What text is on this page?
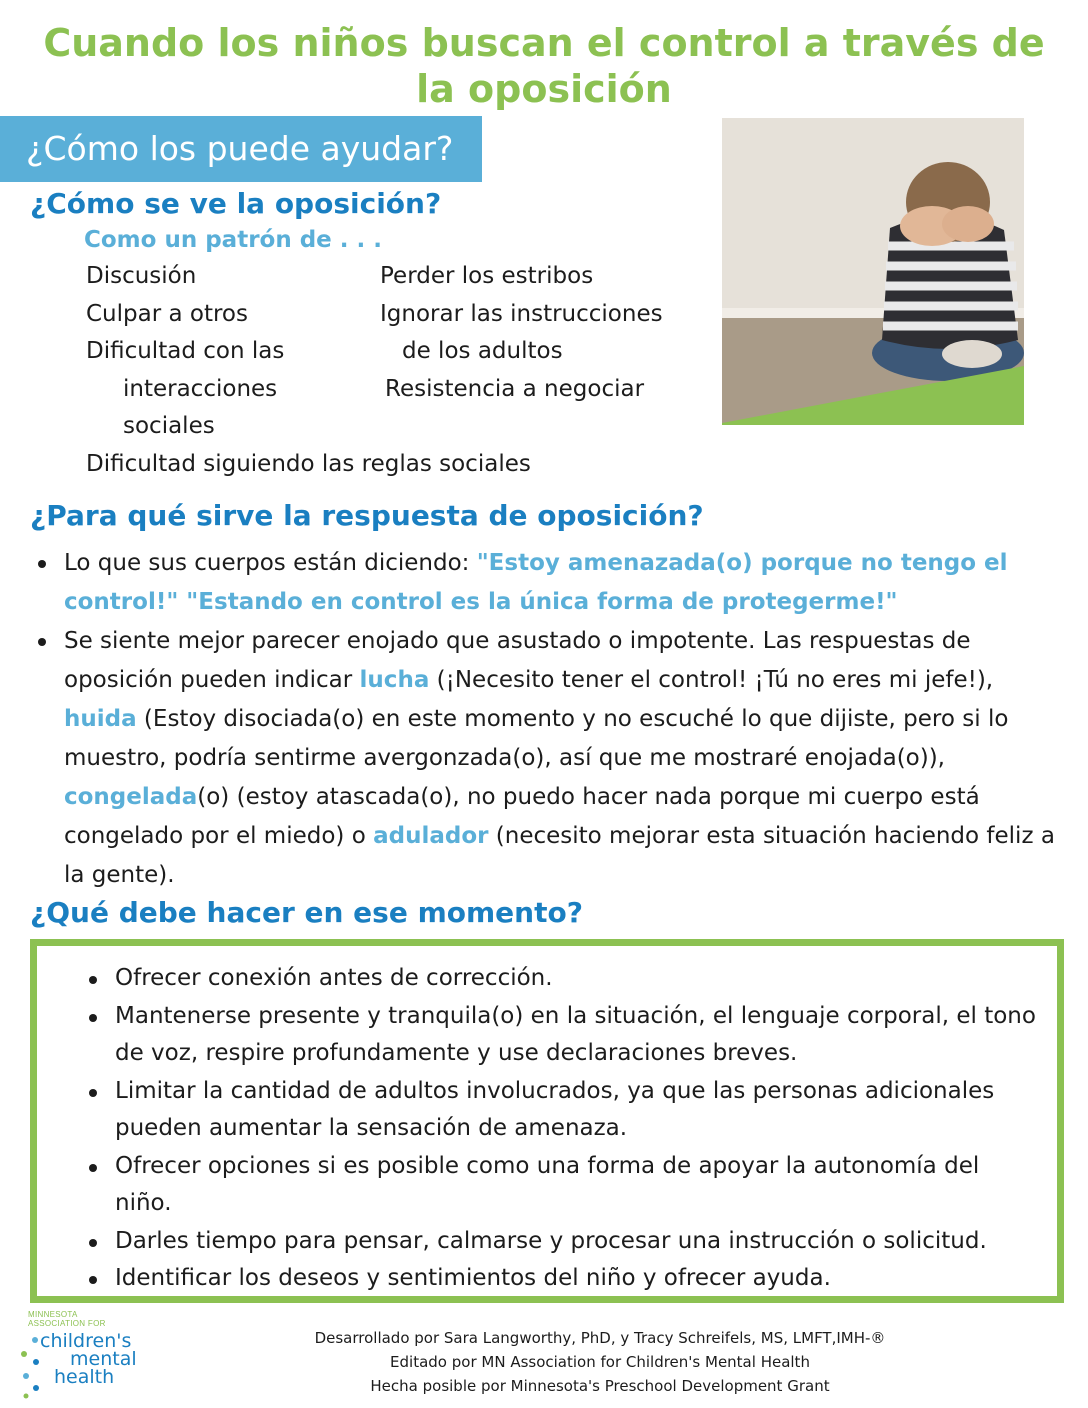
Cuando los niños buscan el control a través de la oposición
¿Cómo los puede ayudar?
¿Cómo se ve la oposición?
Como un patrón de . . .
Discusión
Culpar a otros
Dificultad con las
interacciones
sociales
Dificultad siguiendo las reglas sociales
Perder los estribos
Ignorar las instrucciones
de los adultos
Resistencia a negociar
¿Para qué sirve la respuesta de oposición?
Lo que sus cuerpos están diciendo: "Estoy amenazada(o) porque no tengo el control!" "Estando en control es la única forma de protegerme!"
Se siente mejor parecer enojado que asustado o impotente. Las respuestas de oposición pueden indicar lucha (¡Necesito tener el control! ¡Tú no eres mi jefe!), huida (Estoy disociada(o) en este momento y no escuché lo que dijiste, pero si lo muestro, podría sentirme avergonzada(o), así que me mostraré enojada(o)), congelada(o) (estoy atascada(o), no puedo hacer nada porque mi cuerpo está congelado por el miedo) o adulador (necesito mejorar esta situación haciendo feliz a la gente).
¿Qué debe hacer en ese momento?
Ofrecer conexión antes de corrección.
Mantenerse presente y tranquila(o) en la situación, el lenguaje corporal, el tono de voz, respire profundamente y use declaraciones breves.
Limitar la cantidad de adultos involucrados, ya que las personas adicionales pueden aumentar la sensación de amenaza.
Ofrecer opciones si es posible como una forma de apoyar la autonomía del niño.
Darles tiempo para pensar, calmarse y procesar una instrucción o solicitud.
Identificar los deseos y sentimientos del niño y ofrecer ayuda.
MINNESOTA
ASSOCIATION FOR
children's
mental
health
Desarrollado por Sara Langworthy, PhD, y Tracy Schreifels, MS, LMFT,IMH-®
Editado por MN Association for Children's Mental Health
Hecha posible por Minnesota's Preschool Development Grant
